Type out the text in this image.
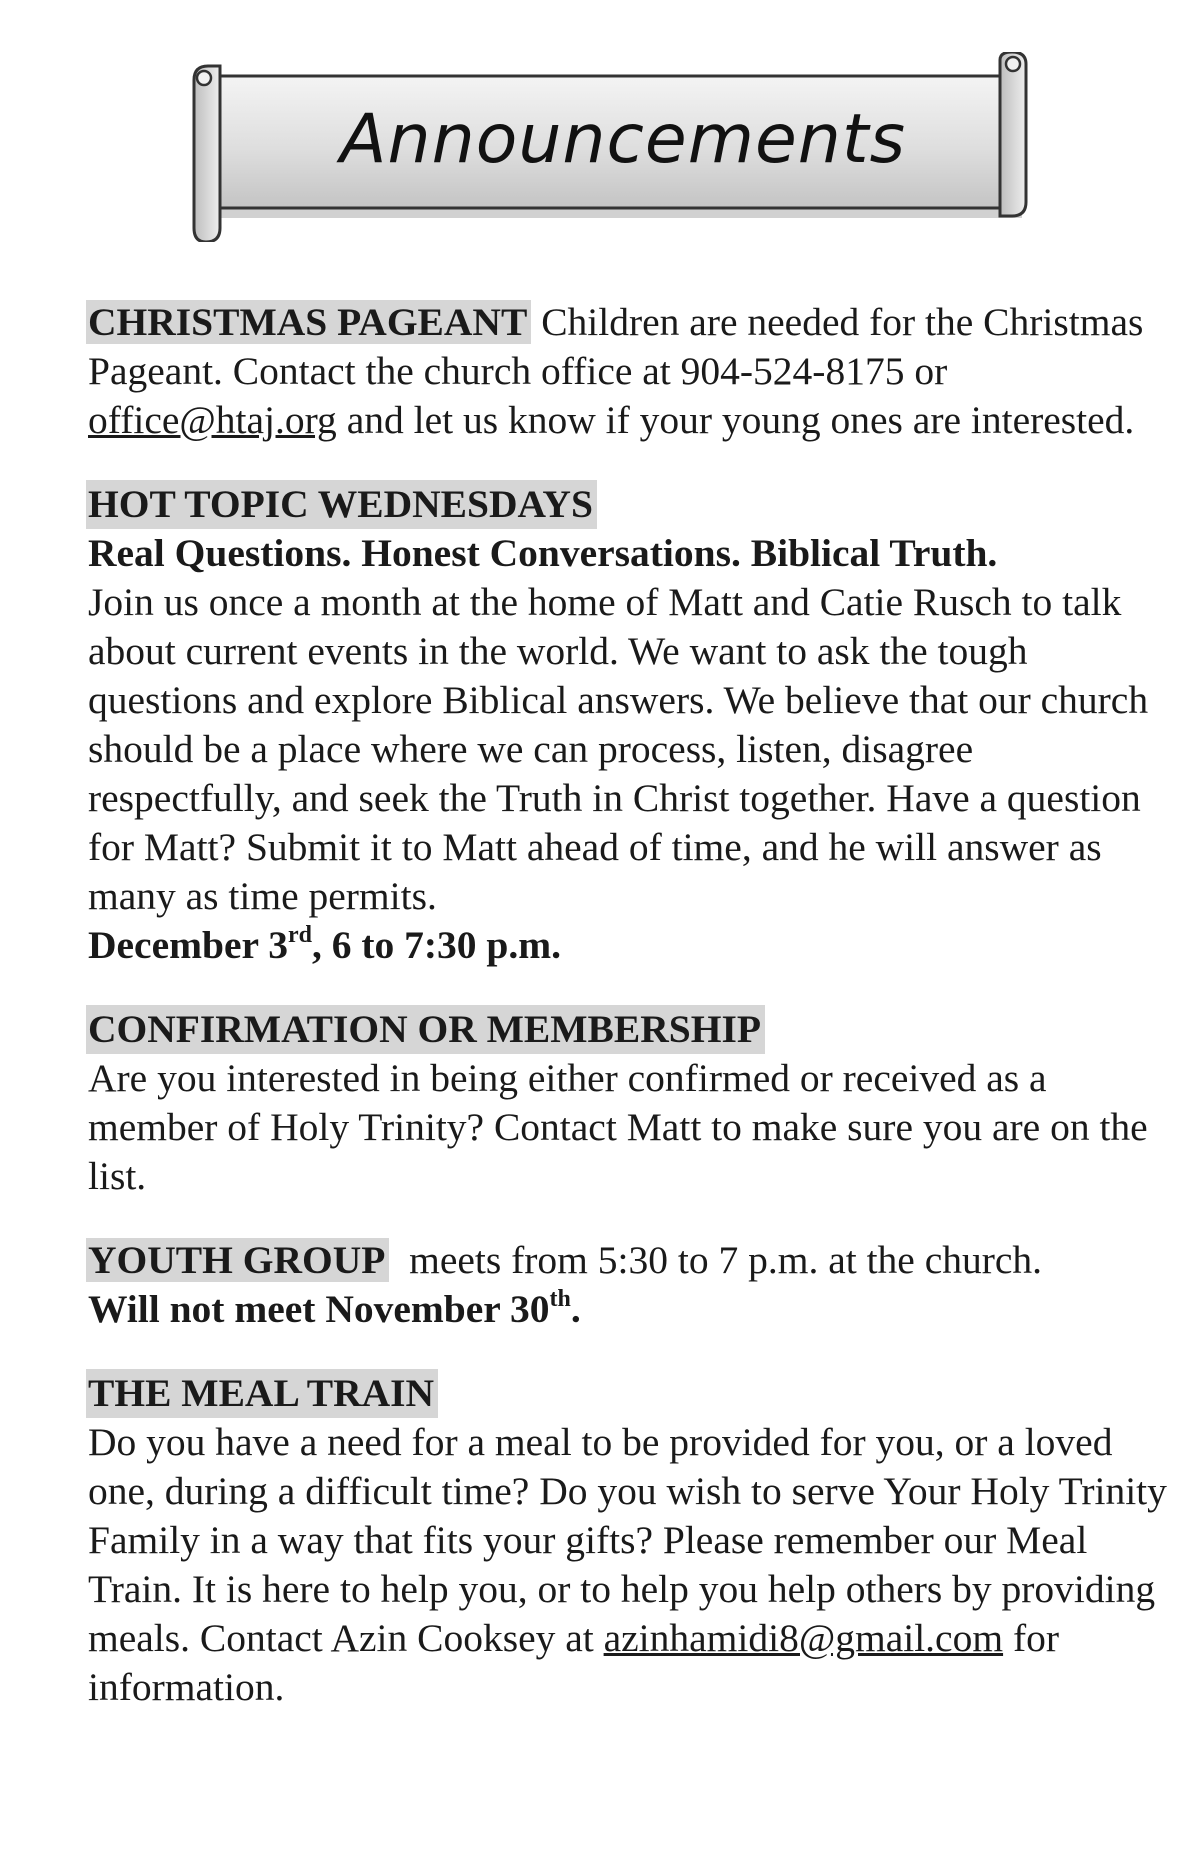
Announcements
CHRISTMAS PAGEANT Children are needed for the Christmas Pageant. Contact the church office at 904-524-8175 or office@htaj.org and let us know if your young ones are interested.
HOT TOPIC WEDNESDAYS
Real Questions. Honest Conversations. Biblical Truth.
Join us once a month at the home of Matt and Catie Rusch to talk about current events in the world. We want to ask the tough questions and explore Biblical answers. We believe that our church should be a place where we can process, listen, disagree respectfully, and seek the Truth in Christ together. Have a question for Matt? Submit it to Matt ahead of time, and he will answer as many as time permits.
December 3rd, 6 to 7:30 p.m.
CONFIRMATION OR MEMBERSHIP
Are you interested in being either confirmed or received as a member of Holy Trinity? Contact Matt to make sure you are on the list.
YOUTH GROUP  meets from 5:30 to 7 p.m. at the church.
Will not meet November 30th.
THE MEAL TRAIN
Do you have a need for a meal to be provided for you, or a loved one, during a difficult time? Do you wish to serve Your Holy Trinity Family in a way that fits your gifts? Please remember our Meal Train. It is here to help you, or to help you help others by providing meals. Contact Azin Cooksey at azinhamidi8@gmail.com for information.
